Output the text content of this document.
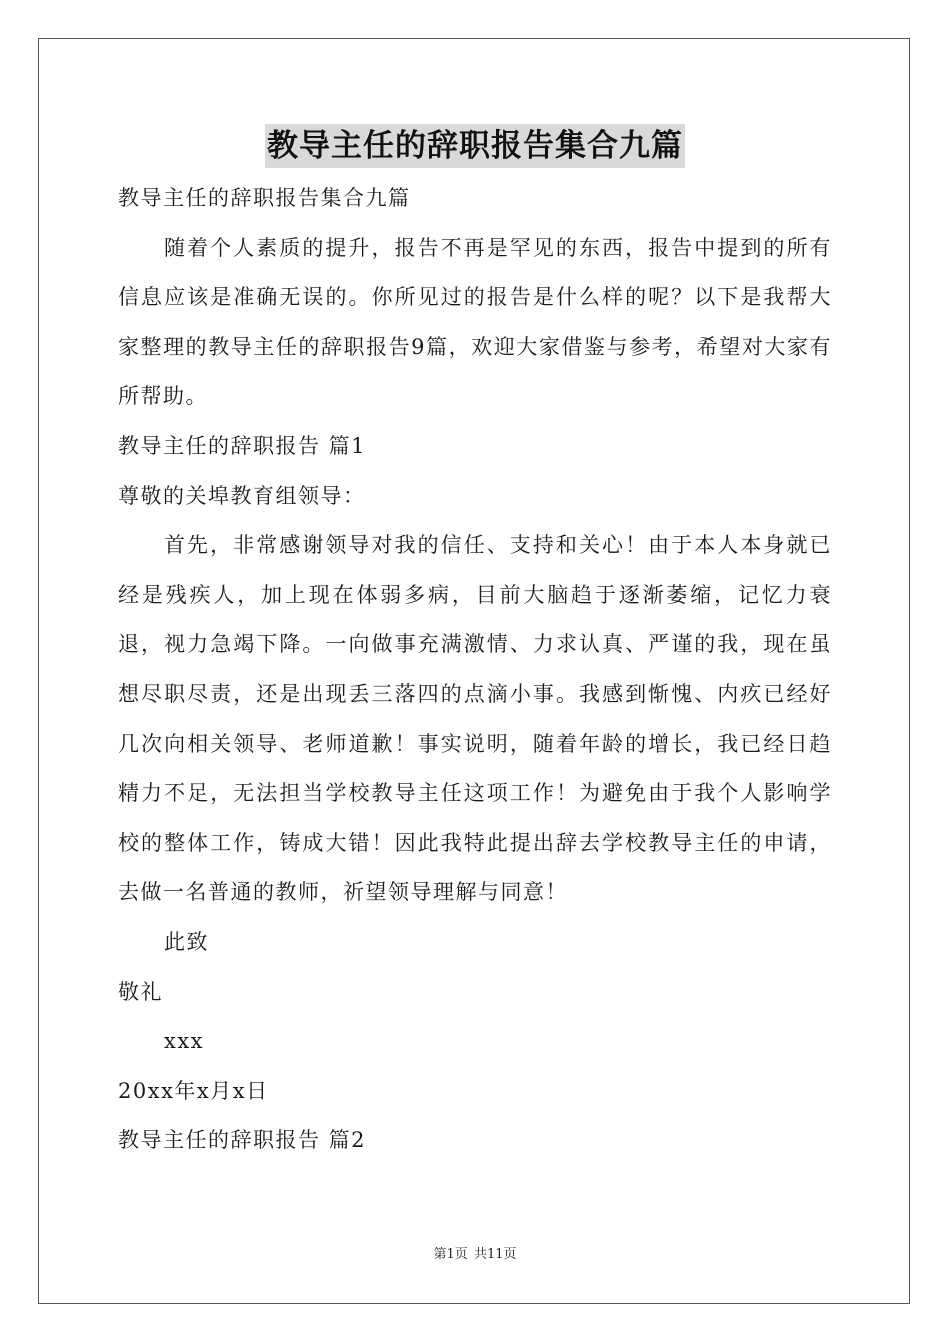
教导主任的辞职报告集合九篇

教导主任的辞职报告集合九篇

随着个人素质的提升，报告不再是罕见的东西，报告中提到的所有信息应该是准确无误的。你所见过的报告是什么样的呢？以下是我帮大家整理的教导主任的辞职报告9篇，欢迎大家借鉴与参考，希望对大家有所帮助。

教导主任的辞职报告 篇1

尊敬的关埠教育组领导：

首先，非常感谢领导对我的信任、支持和关心！由于本人本身就已经是残疾人，加上现在体弱多病，目前大脑趋于逐渐萎缩，记忆力衰退，视力急竭下降。一向做事充满激情、力求认真、严谨的我，现在虽想尽职尽责，还是出现丢三落四的点滴小事。我感到惭愧、内疚已经好几次向相关领导、老师道歉！事实说明，随着年龄的增长，我已经日趋精力不足，无法担当学校教导主任这项工作！为避免由于我个人影响学校的整体工作，铸成大错！因此我特此提出辞去学校教导主任的申请，去做一名普通的教师，祈望领导理解与同意！

此致

敬礼

xxx

20xx年x月x日

教导主任的辞职报告 篇2

第1页 共11页
